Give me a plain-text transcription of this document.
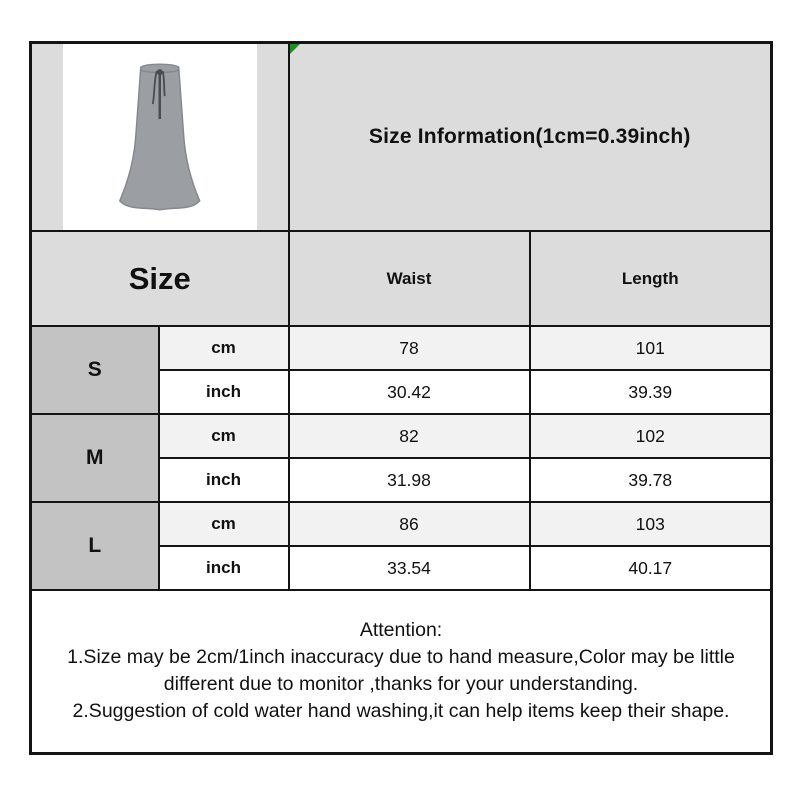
Size Information(1cm=0.39inch)	
Size		Waist	Length
S	cm	78	101
	inch	30.42	39.39
M	cm	82	102
	inch	31.98	39.78
L	cm	86	103
	inch	33.54	40.17

Attention:
1.Size may be 2cm/1inch inaccuracy due to hand measure,Color may be little different due to monitor ,thanks for your understanding.
2.Suggestion of cold water hand washing,it can help items keep their shape.			
